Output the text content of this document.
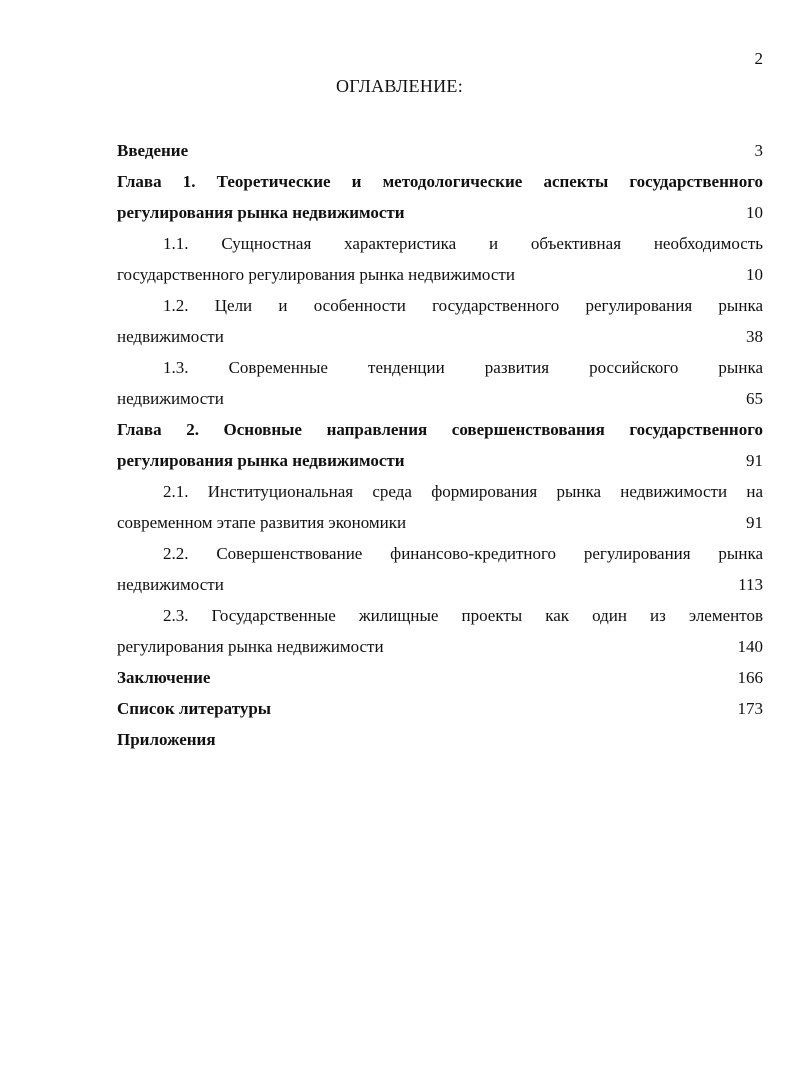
2
ОГЛАВЛЕНИЕ:
Введение	3
Глава 1. Теоретические и методологические аспекты государственного
регулирования рынка недвижимости	10
1.1. Сущностная характеристика и объективная необходимость
государственного регулирования рынка недвижимости	10
1.2. Цели и особенности государственного регулирования рынка
недвижимости	38
1.3. Современные тенденции развития российского рынка
недвижимости	65
Глава 2. Основные направления совершенствования государственного
регулирования рынка недвижимости	91
2.1. Институциональная среда формирования рынка недвижимости на
современном этапе развития экономики	91
2.2. Совершенствование финансово-кредитного регулирования рынка
недвижимости	113
2.3. Государственные жилищные проекты как один из элементов
регулирования рынка недвижимости	140
Заключение	166
Список литературы	173
Приложения
